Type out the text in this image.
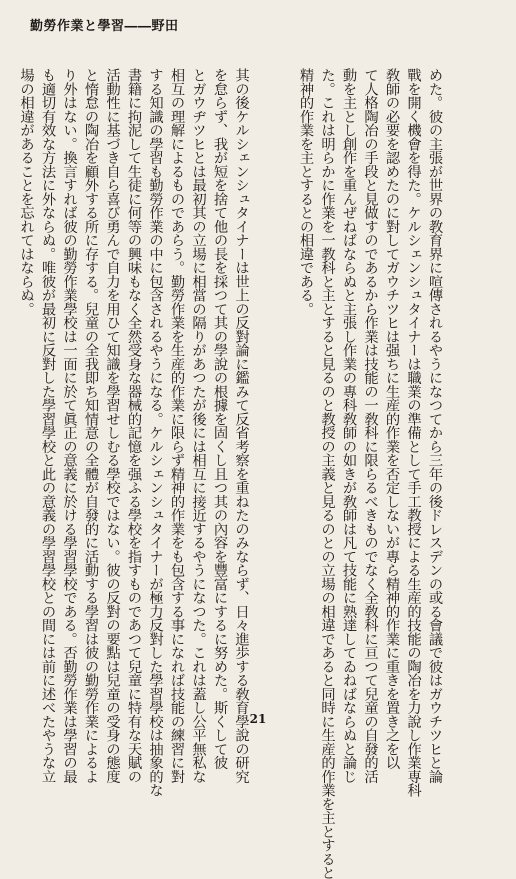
勤勞作業と學習――野田

めた。彼の主張が世界の教育界に喧傳されるやうになつてから三年の後ドレスデンの或る會議で彼はガウチツヒと論
戰を開く機會を得た。ケルシェンシュタイナーは職業の準備として手工教授による生産的技能の陶冶を力說し作業専科
敎師の必要を認めたのに對してガウチツヒは强ちに生産的作業を否定しないが專ら精神的作業に重きを置き之を以
て人格陶冶の手段と見做すのであるから作業は技能の一敎科に限らるべきものでなく全敎科に亘つて兒童の自發的活
動を主とし創作を重んぜねばならぬと主張し作業の專科敎師の如きが敎師は凡て技能に熟達してゐねばならぬと論じ
た。これは明らかに作業を一教科と主とすると見るのと教授の主義と見るのとの立場の相違であると同時に生産的作業を主とすると
精神的作業を主とするとの相違である。

其の後ケルシェンシュタイナーは世上の反對論に鑑みて反省考察を重ねたのみならず、日々進歩する敎育學說の研究
を怠らず、我が短を捨て他の長を採つて其の學說の根據を固くし且つ其の內容を豐富にするに努めた。斯くして彼
とガウヂツヒとは最初其の立場に相當の隔りがあつたが後には相互に接近するやうになつた。これは蓋し公平無私な
相互の理解によるものであらう。勤勞作業を生産的作業に限らず精神的作業をも包含する事になれば技能の練習に對
する知識の學習も勤勞作業の中に包含されるやうになる。ケルシェンシュタイナーが極力反對した學習學校は抽象的な
書籍に拘泥して生徒に何等の興味もなく全然受身な器械的記憶を强ふる學校を指すものであつて兒童に特有な天賦の
活動性に基づき自ら喜び勇んで自力を用ひて知識を學習せしむる學校ではない。彼の反對の要點は兒童の受身の態度
と惰怠の陶冶を顧外する所に存する。兒童の全我即ち知情意の全體が自發的に活動する學習は彼の勤勞作業によるよ
り外はない。換言すれば彼の勤勞作業學校は一面に於て眞正の意義に於ける學習學校である。否勤勞作業は學習の最
も適切有效な方法に外ならぬ。唯彼が最初に反對した學習學校と此の意義の學習學校との間には前に述べたやうな立
場の相違があることを忘れてはならぬ。

21
